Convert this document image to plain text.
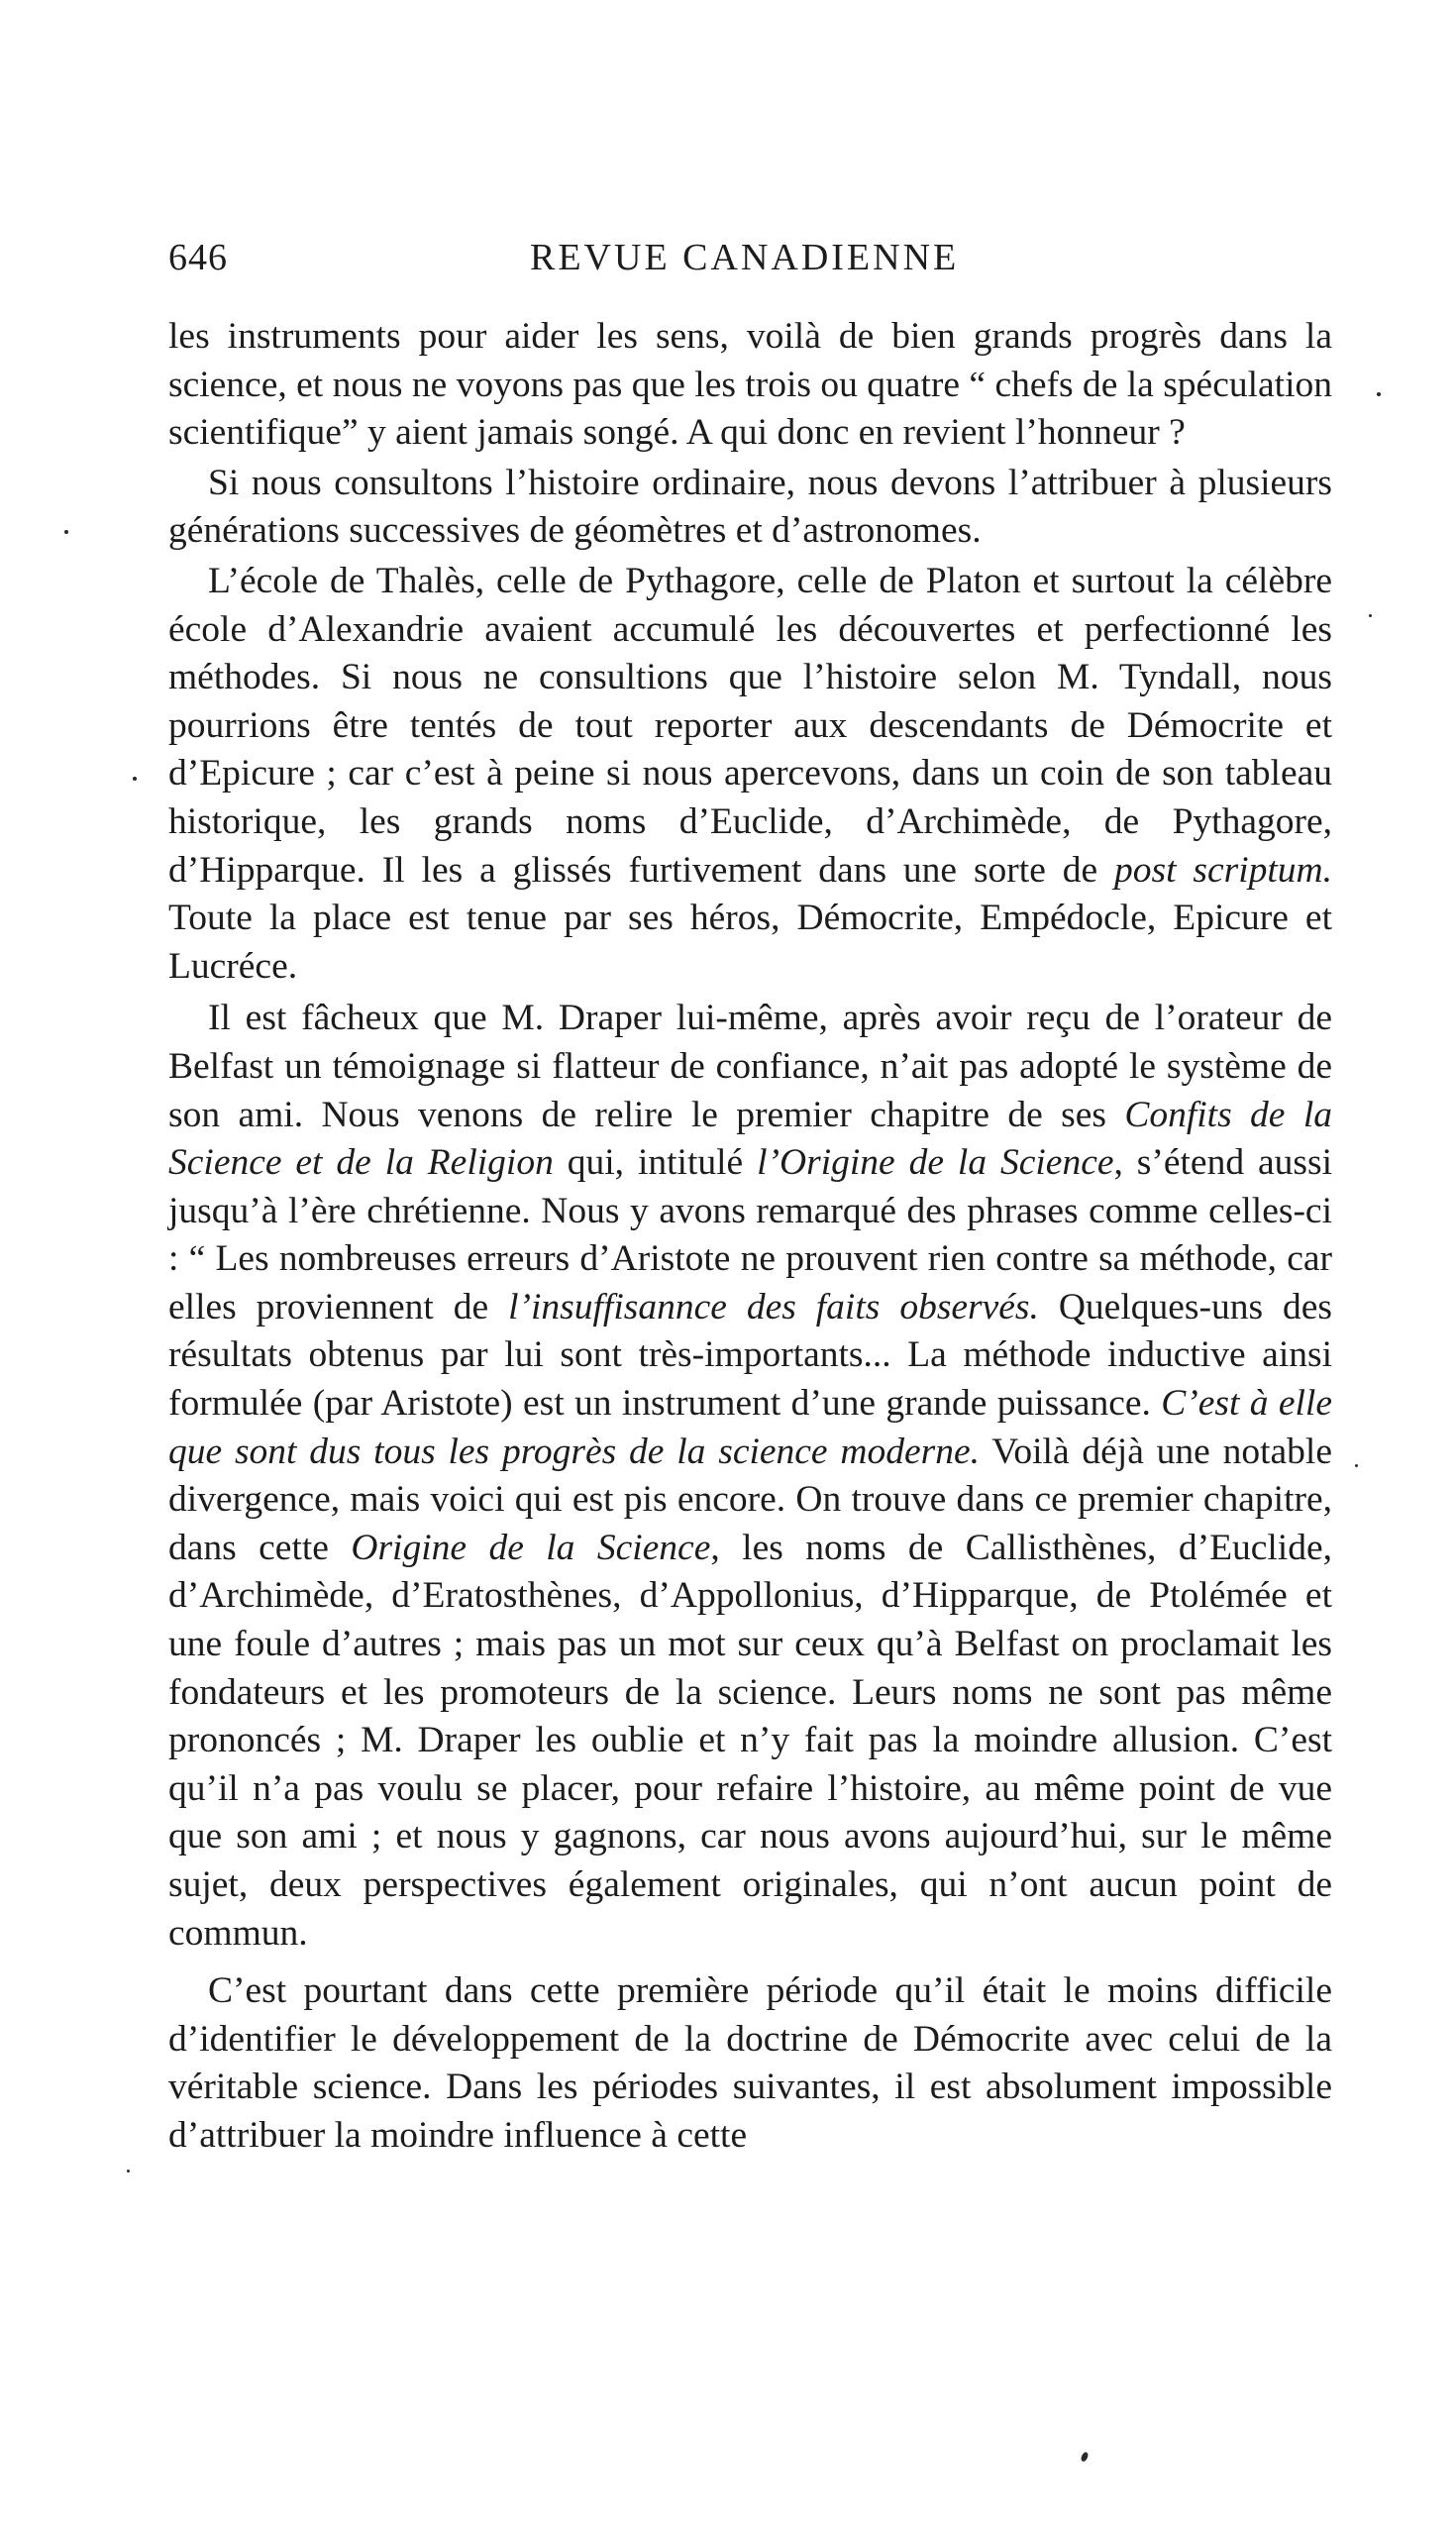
646	REVUE CANADIENNE

les instruments pour aider les sens, voilà de bien grands progrès dans la science, et nous ne voyons pas que les trois ou quatre “ chefs de la spéculation scientifique” y aient jamais songé. A qui donc en revient l’honneur ?

Si nous consultons l’histoire ordinaire, nous devons l’attribuer à plusieurs générations successives de géomètres et d’astronomes.

L’école de Thalès, celle de Pythagore, celle de Platon et surtout la célèbre école d’Alexandrie avaient accumulé les découvertes et perfectionné les méthodes. Si nous ne consultions que l’histoire selon M. Tyndall, nous pourrions être tentés de tout reporter aux descendants de Démocrite et d’Epicure ; car c’est à peine si nous apercevons, dans un coin de son tableau historique, les grands noms d’Euclide, d’Archimède, de Pythagore, d’Hipparque. Il les a glissés furtivement dans une sorte de post scriptum. Toute la place est tenue par ses héros, Démocrite, Empédocle, Epicure et Lucréce.

Il est fâcheux que M. Draper lui-même, après avoir reçu de l’orateur de Belfast un témoignage si flatteur de confiance, n’ait pas adopté le système de son ami. Nous venons de relire le premier chapitre de ses Confits de la Science et de la Religion qui, intitulé l’Origine de la Science, s’étend aussi jusqu’à l’ère chrétienne. Nous y avons remarqué des phrases comme celles-ci : “ Les nombreuses erreurs d’Aristote ne prouvent rien contre sa méthode, car elles proviennent de l’insuffisannce des faits observés. Quelques-uns des résultats obtenus par lui sont très-importants... La méthode inductive ainsi formulée (par Aristote) est un instrument d’une grande puissance. C’est à elle que sont dus tous les progrès de la science moderne. Voilà déjà une notable divergence, mais voici qui est pis encore. On trouve dans ce premier chapitre, dans cette Origine de la Science, les noms de Callisthènes, d’Euclide, d’Archimède, d’Eratosthènes, d’Appollonius, d’Hipparque, de Ptolémée et une foule d’autres ; mais pas un mot sur ceux qu’à Belfast on proclamait les fondateurs et les promoteurs de la science. Leurs noms ne sont pas même prononcés ; M. Draper les oublie et n’y fait pas la moindre allusion. C’est qu’il n’a pas voulu se placer, pour refaire l’histoire, au même point de vue que son ami ; et nous y gagnons, car nous avons aujourd’hui, sur le même sujet, deux perspectives également originales, qui n’ont aucun point de commun.

C’est pourtant dans cette première période qu’il était le moins difficile d’identifier le développement de la doctrine de Démocrite avec celui de la véritable science. Dans les périodes suivantes, il est absolument impossible d’attribuer la moindre influence à cette
